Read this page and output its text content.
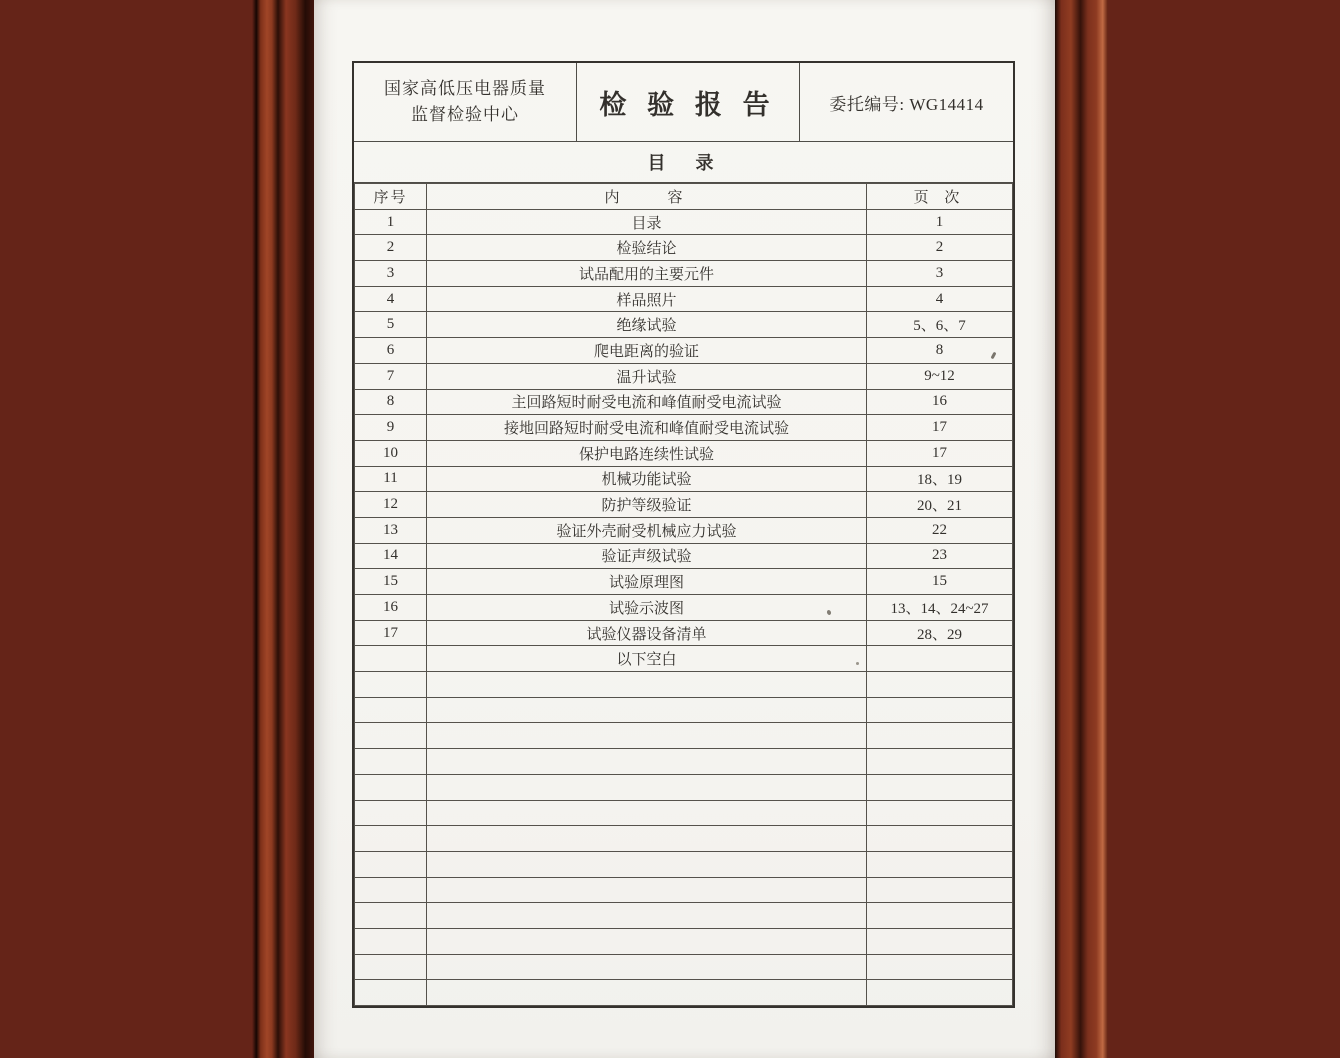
国家高低压电器质量
监督检验中心	检 验 报 告	委托编号: WG14414
目　录
序号	内　　容	页 次
1	目录	1
2	检验结论	2
3	试品配用的主要元件	3
4	样品照片	4
5	绝缘试验	5、6、7
6	爬电距离的验证	8
7	温升试验	9~12
8	主回路短时耐受电流和峰值耐受电流试验	16
9	接地回路短时耐受电流和峰值耐受电流试验	17
10	保护电路连续性试验	17
11	机械功能试验	18、19
12	防护等级验证	20、21
13	验证外壳耐受机械应力试验	22
14	验证声级试验	23
15	试验原理图	15
16	试验示波图	13、14、24~27
17	试验仪器设备清单	28、29
	以下空白	
